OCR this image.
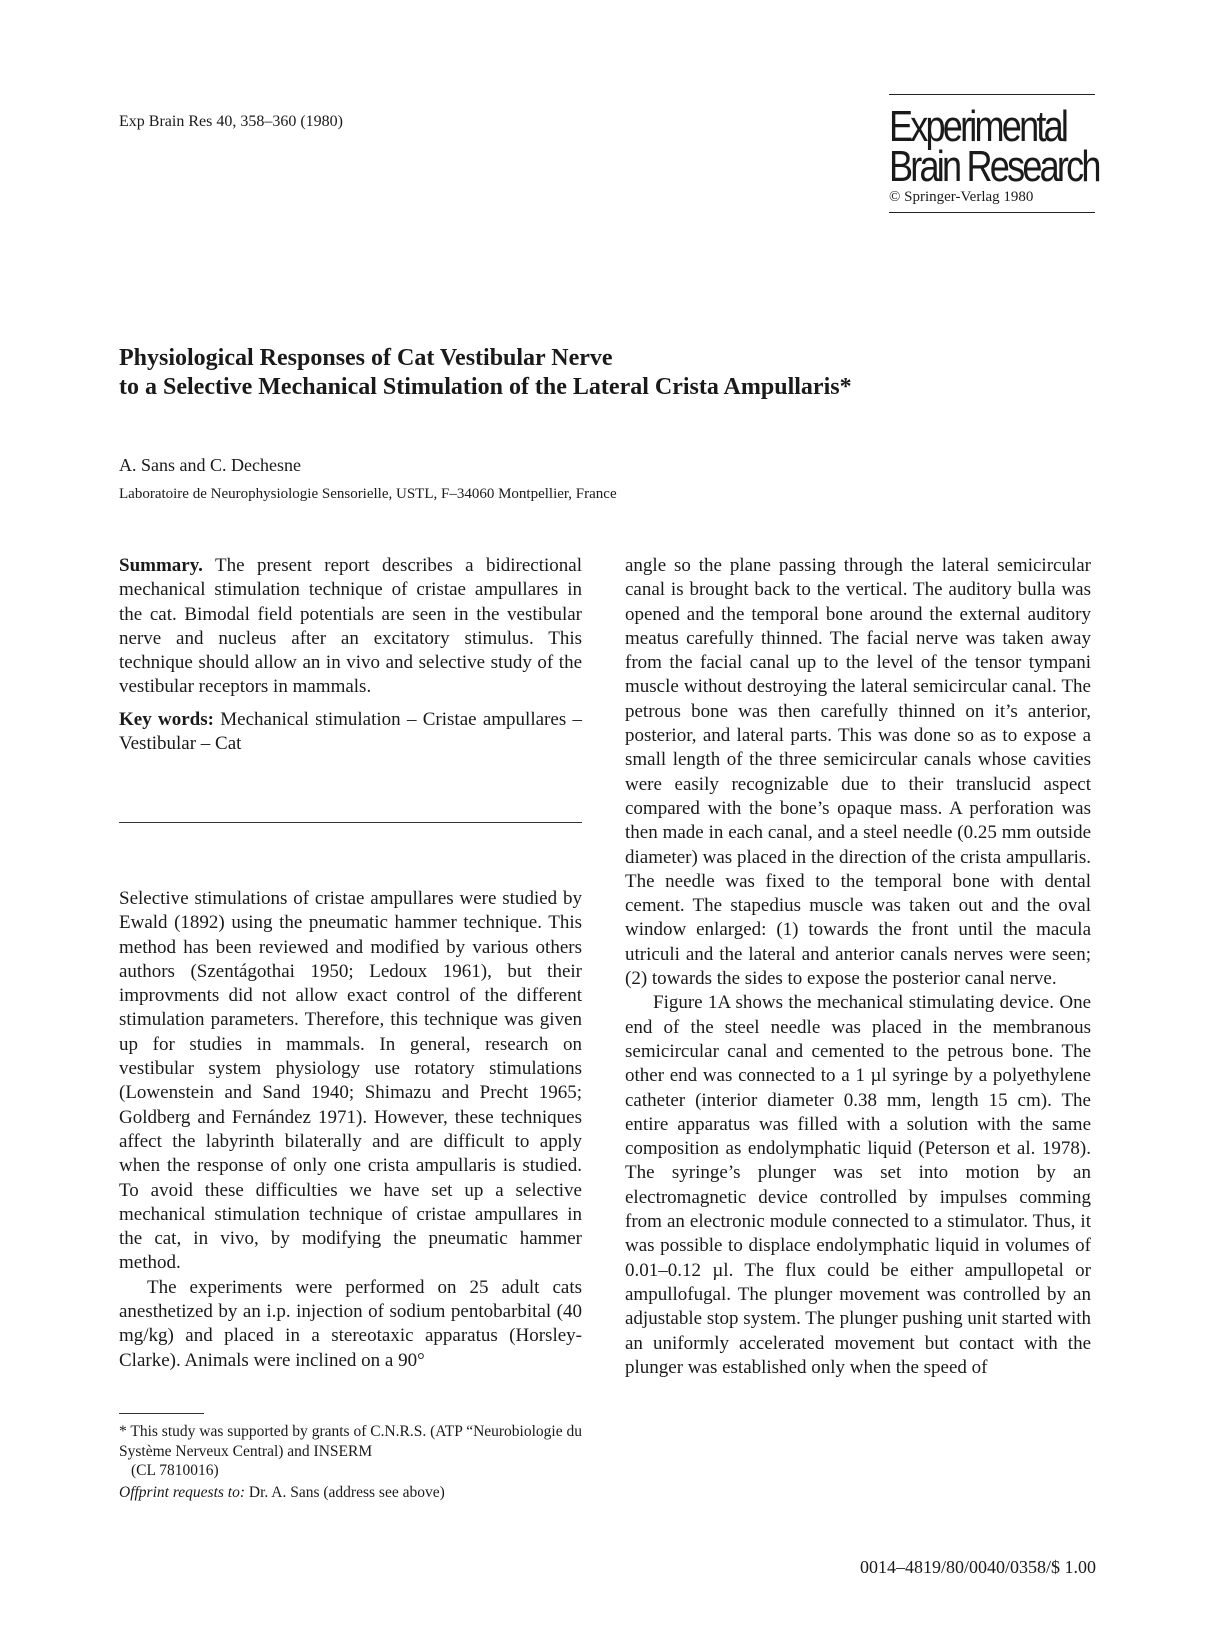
Exp Brain Res 40, 358–360 (1980)	Experimental
Brain Research
© Springer-Verlag 1980
Physiological Responses of Cat Vestibular Nerve
to a Selective Mechanical Stimulation of the Lateral Crista Ampullaris*
A. Sans and C. Dechesne
Laboratoire de Neurophysiologie Sensorielle, USTL, F–34060 Montpellier, France

Summary. The present report describes a bidirectional mechanical stimulation technique of cristae ampullares in the cat. Bimodal field potentials are seen in the vestibular nerve and nucleus after an excitatory stimulus. This technique should allow an in vivo and selective study of the vestibular receptors in mammals.

Key words: Mechanical stimulation – Cristae ampullares – Vestibular – Cat

Selective stimulations of cristae ampullares were studied by Ewald (1892) using the pneumatic hammer technique. This method has been reviewed and modified by various others authors (Szentágothai 1950; Ledoux 1961), but their improvments did not allow exact control of the different stimulation parameters. Therefore, this technique was given up for studies in mammals. In general, research on vestibular system physiology use rotatory stimulations (Lowenstein and Sand 1940; Shimazu and Precht 1965; Goldberg and Fernández 1971). However, these techniques affect the labyrinth bilaterally and are difficult to apply when the response of only one crista ampullaris is studied. To avoid these difficulties we have set up a selective mechanical stimulation technique of cristae ampullares in the cat, in vivo, by modifying the pneumatic hammer method.

The experiments were performed on 25 adult cats anesthetized by an i.p. injection of sodium pentobarbital (40 mg/kg) and placed in a stereotaxic apparatus (Horsley-Clarke). Animals were inclined on a 90°

angle so the plane passing through the lateral semicircular canal is brought back to the vertical. The auditory bulla was opened and the temporal bone around the external auditory meatus carefully thinned. The facial nerve was taken away from the facial canal up to the level of the tensor tympani muscle without destroying the lateral semicircular canal. The petrous bone was then carefully thinned on it’s anterior, posterior, and lateral parts. This was done so as to expose a small length of the three semicircular canals whose cavities were easily recognizable due to their translucid aspect compared with the bone’s opaque mass. A perforation was then made in each canal, and a steel needle (0.25 mm outside diameter) was placed in the direction of the crista ampullaris. The needle was fixed to the temporal bone with dental cement. The stapedius muscle was taken out and the oval window enlarged: (1) towards the front until the macula utriculi and the lateral and anterior canals nerves were seen; (2) towards the sides to expose the posterior canal nerve.

Figure 1A shows the mechanical stimulating device. One end of the steel needle was placed in the membranous semicircular canal and cemented to the petrous bone. The other end was connected to a 1 µl syringe by a polyethylene catheter (interior diameter 0.38 mm, length 15 cm). The entire apparatus was filled with a solution with the same composition as endolymphatic liquid (Peterson et al. 1978). The syringe’s plunger was set into motion by an electromagnetic device controlled by impulses comming from an electronic module connected to a stimulator. Thus, it was possible to displace endolymphatic liquid in volumes of 0.01–0.12 µl. The flux could be either ampullopetal or ampullofugal. The plunger movement was controlled by an adjustable stop system. The plunger pushing unit started with an uniformly accelerated movement but contact with the plunger was established only when the speed of

* This study was supported by grants of C.N.R.S. (ATP “Neurobiologie du Système Nerveux Central) and INSERM

(CL 7810016)

Offprint requests to: Dr. A. Sans (address see above)

0014–4819/80/0040/0358/$ 1.00
